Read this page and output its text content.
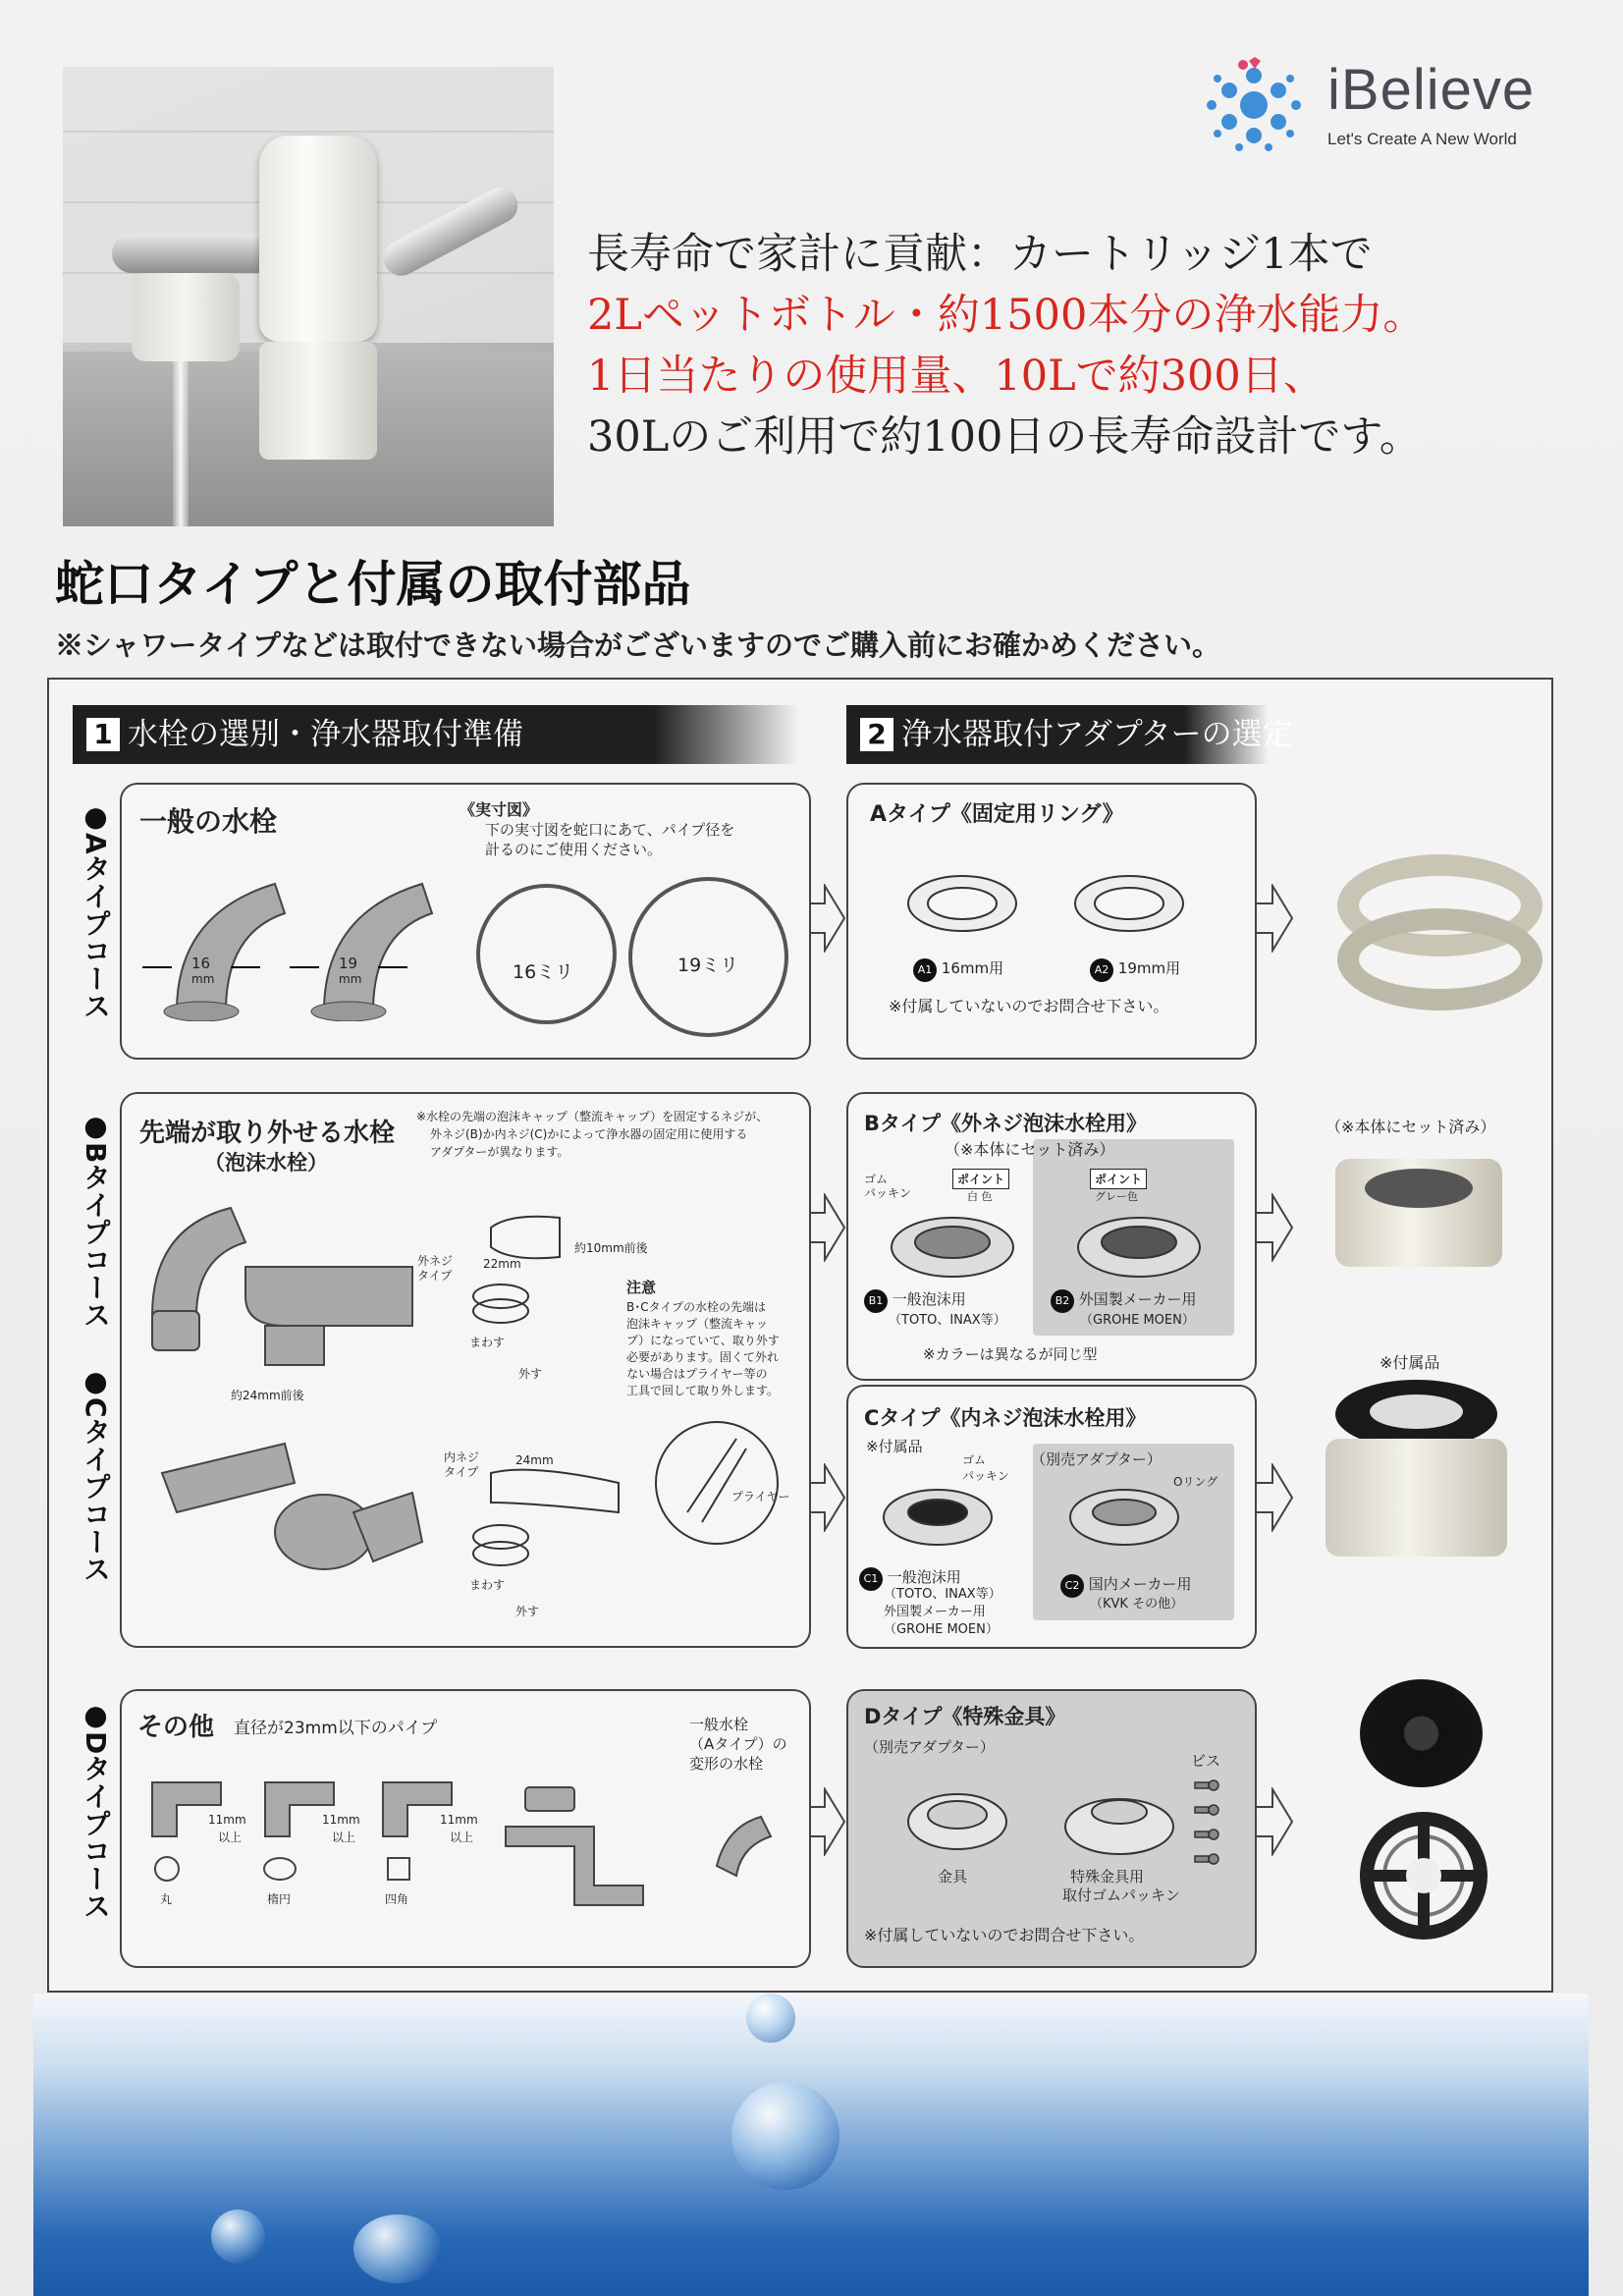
iBelieve
Let's Create A New World
長寿命で家計に貢献：カートリッジ1本で
2Lペットボトル・約1500本分の浄水能力。
1日当たりの使用量、10Lで約300日、
30Lのご利用で約100日の長寿命設計です。
蛇口タイプと付属の取付部品
※シャワータイプなどは取付できない場合がございますのでご購入前にお確かめください。
1 水栓の選別・浄水器取付準備	2 浄水器取付アダプターの選定
●Aタイプコース
●Bタイプコース
●Cタイプコース
●Dタイプコース
一般の水栓	《実寸図》
下の実寸図を蛇口にあて、パイプ径を
計るのにご使用ください。
16
mm
19
mm	16ミリ	19ミリ
Aタイプ《固定用リング》
A1 16mm用	A2 19mm用
※付属していないのでお問合せ下さい。
先端が取り外せる水栓
（泡沫水栓）
※水栓の先端の泡沫キャップ（整流キャップ）を固定するネジが、
外ネジ(B)か内ネジ(C)かによって浄水器の固定用に使用する
アダプターが異なります。
外ネジ
タイプ
22mm
約10mm前後
まわす
外す
約24mm前後
注意
B･Cタイプの水栓の先端は
泡沫キャップ（整流キャッ
プ）になっていて、取り外す
必要があります。固くて外れ
ない場合はプライヤー等の
工具で回して取り外します。
内ネジ
タイプ
24mm
まわす
外す
プライヤー
Bタイプ《外ネジ泡沫水栓用》
（※本体にセット済み）
ゴム
パッキン
ポイント
白 色
ポイント
グレー色
B1 一般泡沫用
（TOTO、INAX等）
B2 外国製メーカー用
（GROHE MOEN）
※カラーは異なるが同じ型
（※本体にセット済み）
Cタイプ《内ネジ泡沫水栓用》
※付属品
ゴム
パッキン
（別売アダプター）
Oリング
C1 一般泡沫用
（TOTO、INAX等）
外国製メーカー用
（GROHE MOEN）
C2 国内メーカー用
（KVK その他）
※付属品
その他 直径が23mm以下のパイプ
11mm
以上
11mm
以上
11mm
以上
丸	楕円	四角
一般水栓
（Aタイプ）の
変形の水栓
Dタイプ《特殊金具》
（別売アダプター）
ビス
金具	特殊金具用
取付ゴムパッキン
※付属していないのでお問合せ下さい。
